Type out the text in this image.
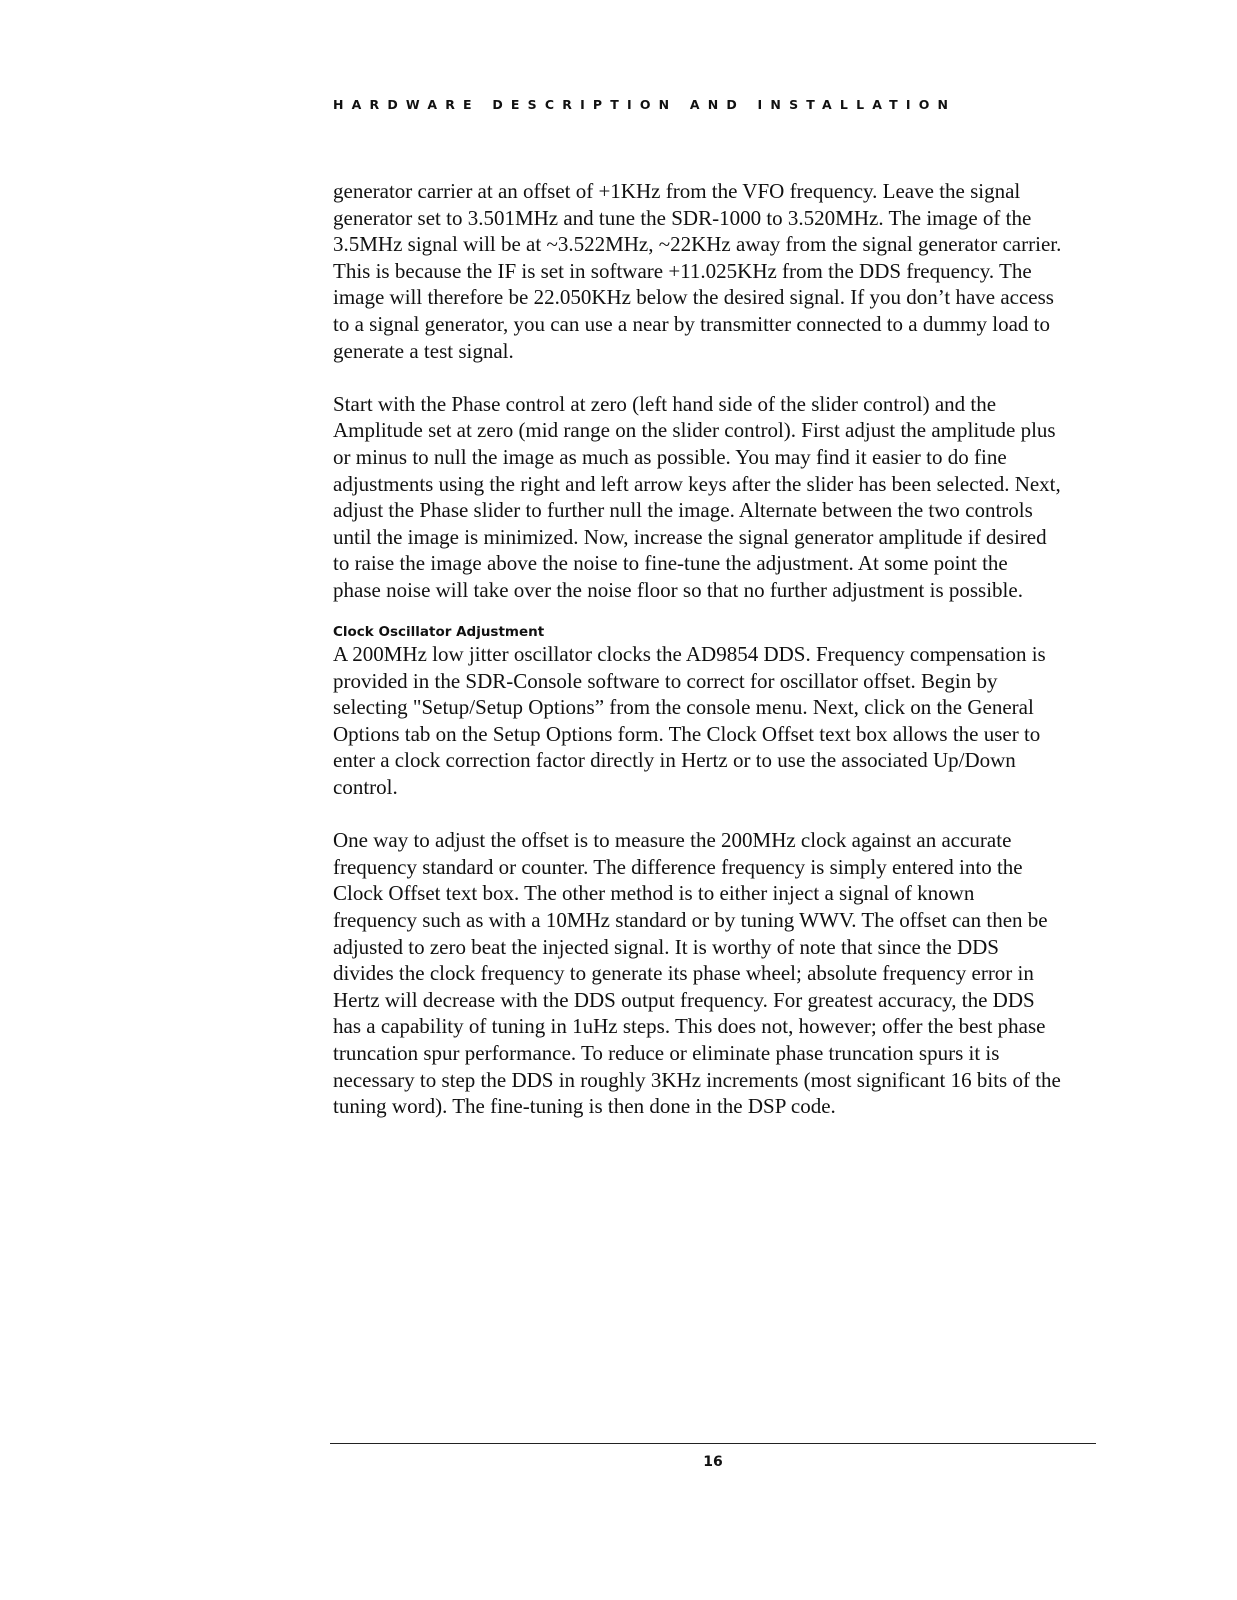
HARDWARE DESCRIPTION AND INSTALLATION

generator carrier at an offset of +1KHz from the VFO frequency. Leave the signal
generator set to 3.501MHz and tune the SDR-1000 to 3.520MHz. The image of the
3.5MHz signal will be at ~3.522MHz, ~22KHz away from the signal generator carrier.
This is because the IF is set in software +11.025KHz from the DDS frequency. The
image will therefore be 22.050KHz below the desired signal. If you don’t have access
to a signal generator, you can use a near by transmitter connected to a dummy load to
generate a test signal.

Start with the Phase control at zero (left hand side of the slider control) and the
Amplitude set at zero (mid range on the slider control). First adjust the amplitude plus
or minus to null the image as much as possible. You may find it easier to do fine
adjustments using the right and left arrow keys after the slider has been selected. Next,
adjust the Phase slider to further null the image. Alternate between the two controls
until the image is minimized. Now, increase the signal generator amplitude if desired
to raise the image above the noise to fine-tune the adjustment. At some point the
phase noise will take over the noise floor so that no further adjustment is possible.

Clock Oscillator Adjustment

A 200MHz low jitter oscillator clocks the AD9854 DDS. Frequency compensation is
provided in the SDR-Console software to correct for oscillator offset. Begin by
selecting "Setup/Setup Options” from the console menu. Next, click on the General
Options tab on the Setup Options form. The Clock Offset text box allows the user to
enter a clock correction factor directly in Hertz or to use the associated Up/Down
control.

One way to adjust the offset is to measure the 200MHz clock against an accurate
frequency standard or counter. The difference frequency is simply entered into the
Clock Offset text box. The other method is to either inject a signal of known
frequency such as with a 10MHz standard or by tuning WWV. The offset can then be
adjusted to zero beat the injected signal. It is worthy of note that since the DDS
divides the clock frequency to generate its phase wheel; absolute frequency error in
Hertz will decrease with the DDS output frequency. For greatest accuracy, the DDS
has a capability of tuning in 1uHz steps. This does not, however; offer the best phase
truncation spur performance. To reduce or eliminate phase truncation spurs it is
necessary to step the DDS in roughly 3KHz increments (most significant 16 bits of the
tuning word). The fine-tuning is then done in the DSP code.

16
